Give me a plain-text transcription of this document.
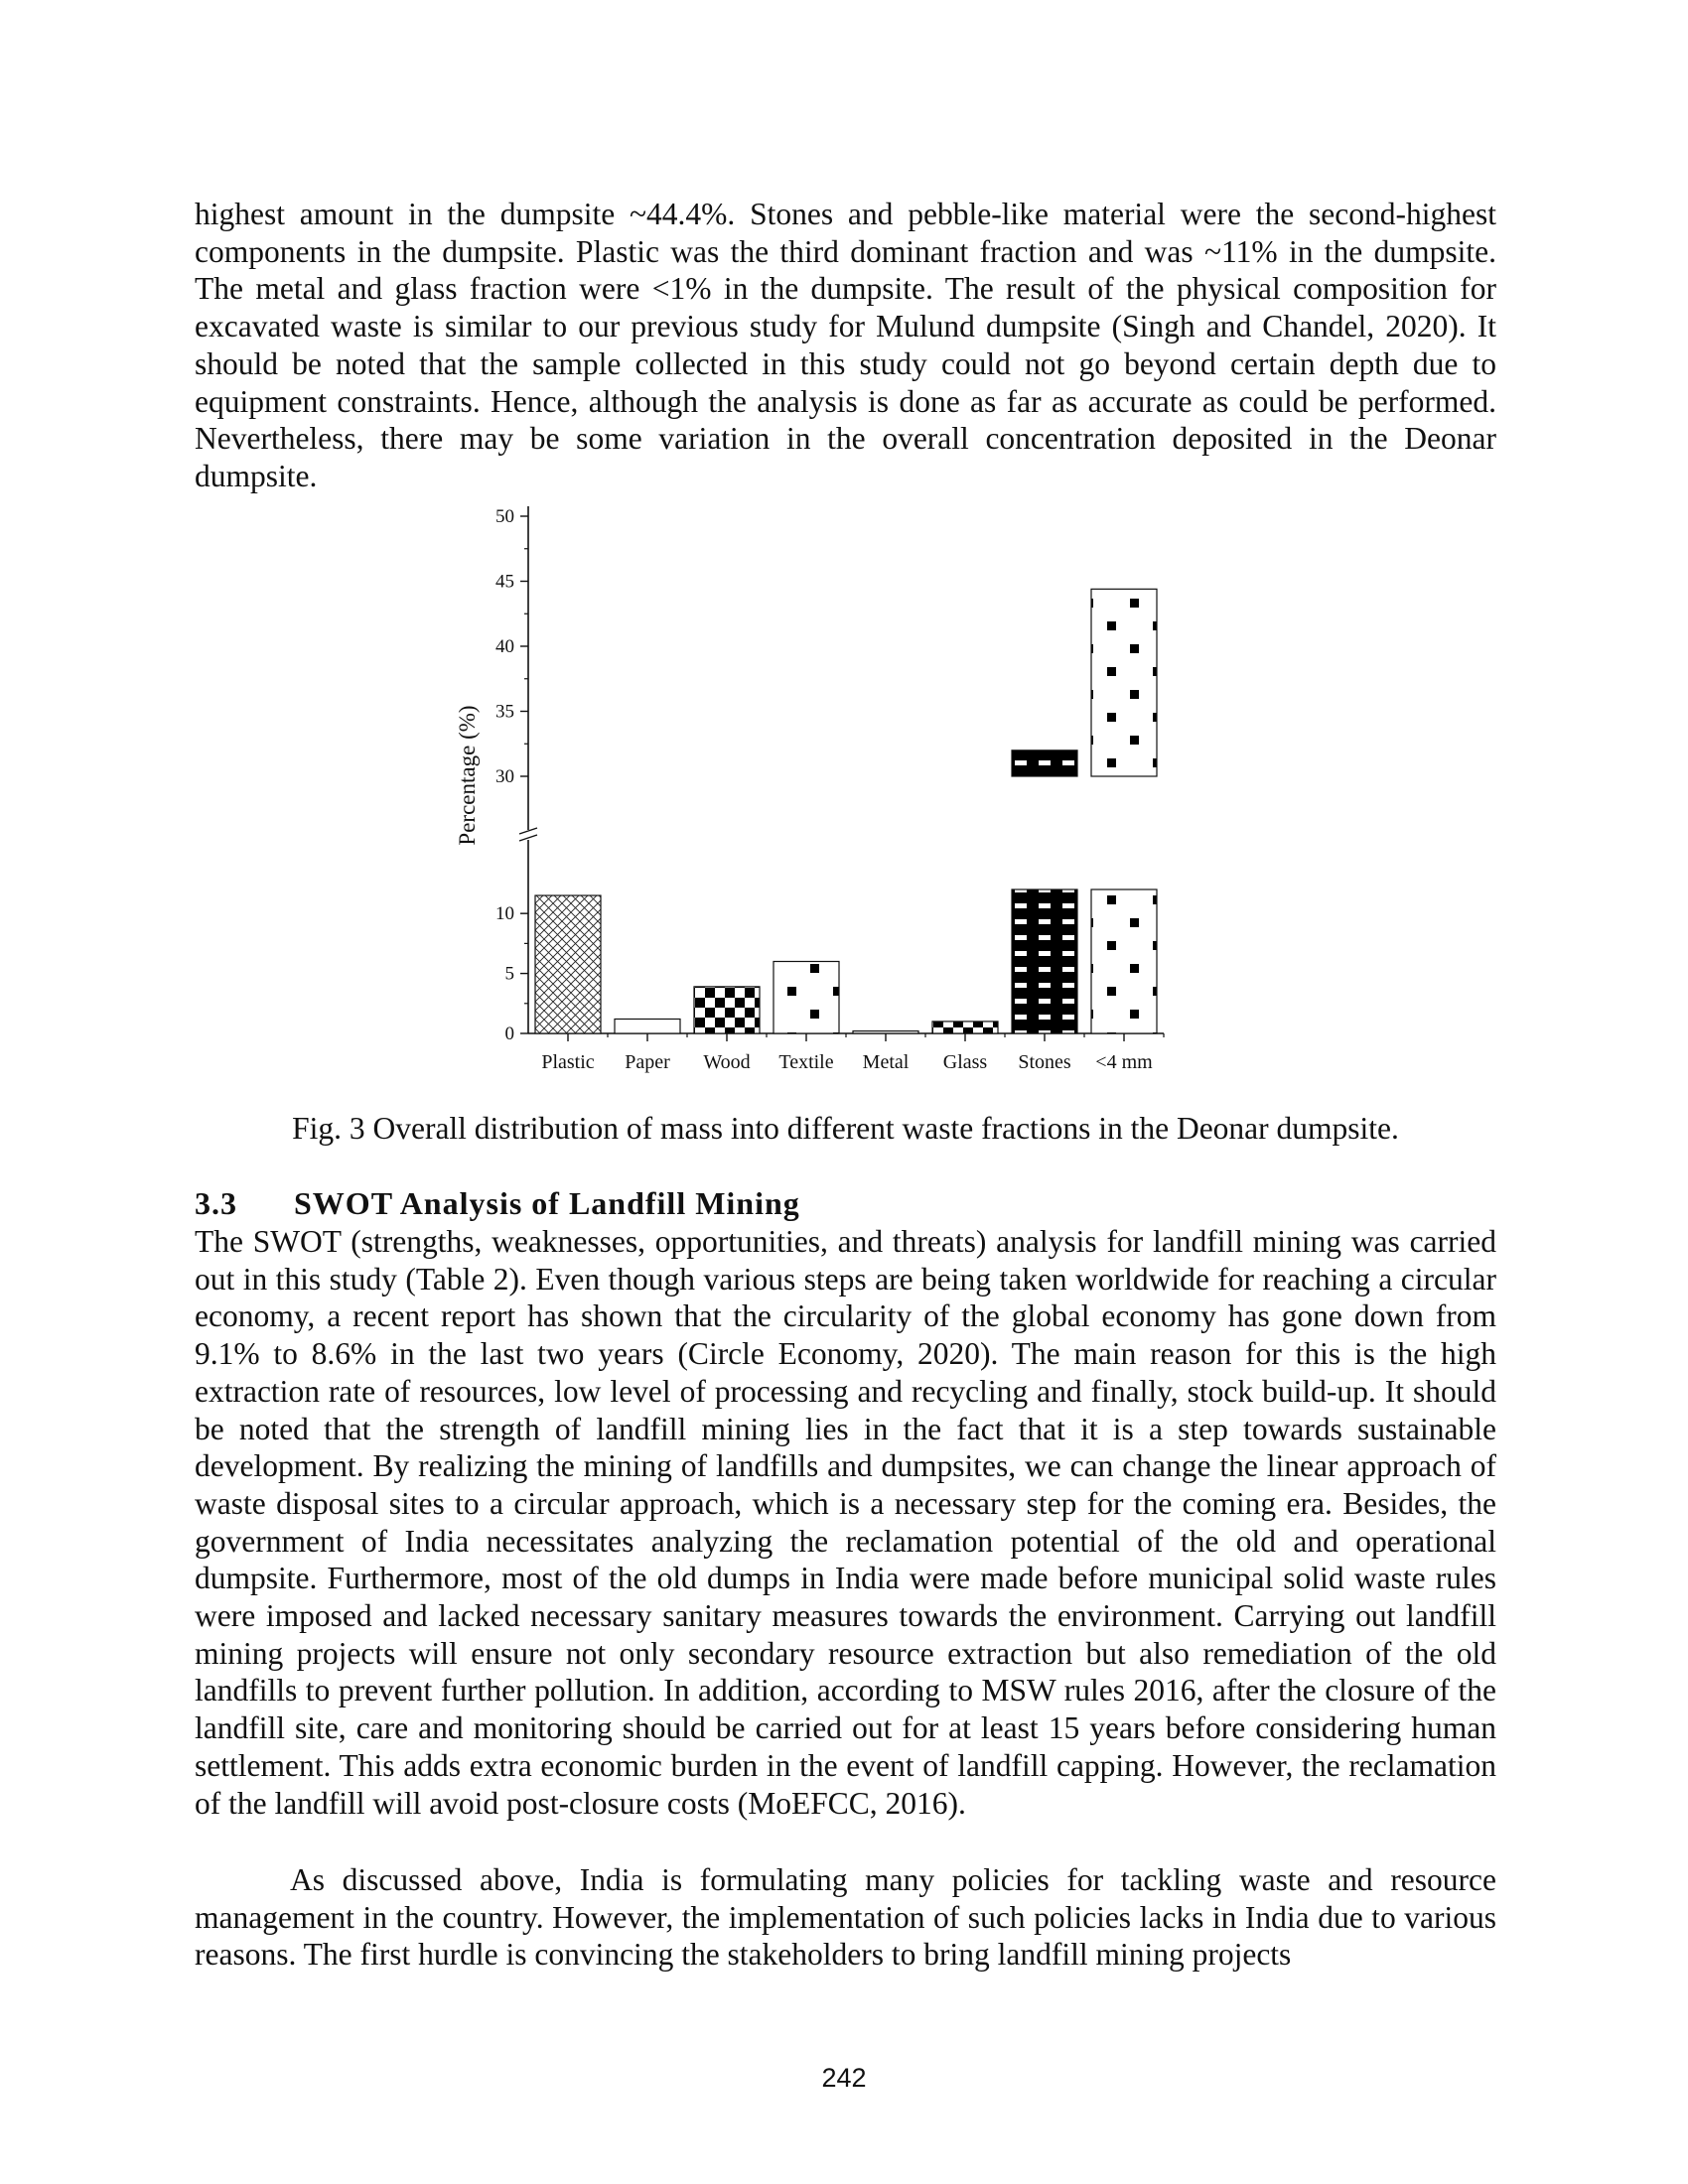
highest amount in the dumpsite ~44.4%. Stones and pebble-like material were the second-highest components in the dumpsite. Plastic was the third dominant fraction and was ~11% in the dumpsite. The metal and glass fraction were <1% in the dumpsite. The result of the physical composition for excavated waste is similar to our previous study for Mulund dumpsite (Singh and Chandel, 2020). It should be noted that the sample collected in this study could not go beyond certain depth due to equipment constraints. Hence, although the analysis is done as far as accurate as could be performed. Nevertheless, there may be some variation in the overall concentration deposited in the Deonar dumpsite.

Percentage (%)
0
5
10
30
35
40
45
50
Plastic Paper Wood Textile Metal Glass Stones <4 mm
Fig. 3 Overall distribution of mass into different waste fractions in the Deonar dumpsite.
3.3 SWOT Analysis of Landfill Mining

The SWOT (strengths, weaknesses, opportunities, and threats) analysis for landfill mining was carried out in this study (Table 2). Even though various steps are being taken worldwide for reaching a circular economy, a recent report has shown that the circularity of the global economy has gone down from 9.1% to 8.6% in the last two years (Circle Economy, 2020). The main reason for this is the high extraction rate of resources, low level of processing and recycling and finally, stock build-up. It should be noted that the strength of landfill mining lies in the fact that it is a step towards sustainable development. By realizing the mining of landfills and dumpsites, we can change the linear approach of waste disposal sites to a circular approach, which is a necessary step for the coming era. Besides, the government of India necessitates analyzing the reclamation potential of the old and operational dumpsite. Furthermore, most of the old dumps in India were made before municipal solid waste rules were imposed and lacked necessary sanitary measures towards the environment. Carrying out landfill mining projects will ensure not only secondary resource extraction but also remediation of the old landfills to prevent further pollution. In addition, according to MSW rules 2016, after the closure of the landfill site, care and monitoring should be carried out for at least 15 years before considering human settlement. This adds extra economic burden in the event of landfill capping. However, the reclamation of the landfill will avoid post-closure costs (MoEFCC, 2016).

As discussed above, India is formulating many policies for tackling waste and resource management in the country. However, the implementation of such policies lacks in India due to various reasons. The first hurdle is convincing the stakeholders to bring landfill mining projects

242
